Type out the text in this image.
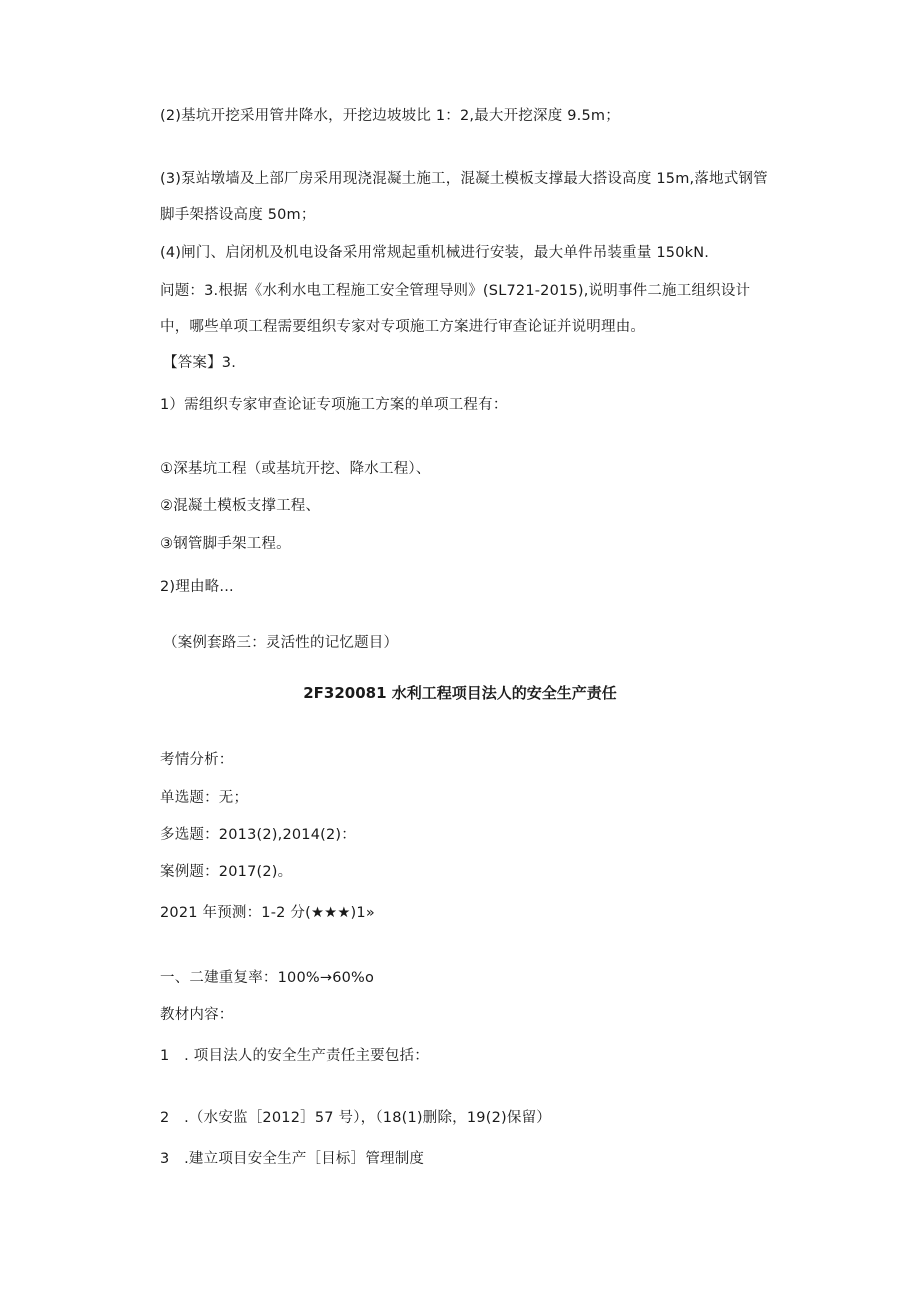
(2)基坑开挖采用管井降水，开挖边坡坡比 1：2,最大开挖深度 9.5m；
(3)泵站墩墙及上部厂房采用现浇混凝土施工，混凝土模板支撑最大搭设高度 15m,落地式钢管
脚手架搭设高度 50m；
(4)闸门、启闭机及机电设备采用常规起重机械进行安装，最大单件吊装重量 150kN.
问题：3.根据《水利水电工程施工安全管理导则》(SL721-2015),说明事件二施工组织设计
中，哪些单项工程需要组织专家对专项施工方案进行审查论证并说明理由。
【答案】3.
1）需组织专家审查论证专项施工方案的单项工程有：
①深基坑工程（或基坑开挖、降水工程）、
②混凝土模板支撑工程、
③钢管脚手架工程。
2)理由略...
（案例套路三：灵活性的记忆题目）
2F320081 水利工程项目法人的安全生产责任
考情分析：
单选题：无；
多选题：2013(2),2014(2)：
案例题：2017(2)。
2021 年预测：1-2 分(★★★)1»
一、二建重复率：100%→60%o
教材内容：
1　. 项目法人的安全生产责任主要包括：
2　.（水安监［2012］57 号），（18(1)删除，19(2)保留）
3　.建立项目安全生产［目标］管理制度
